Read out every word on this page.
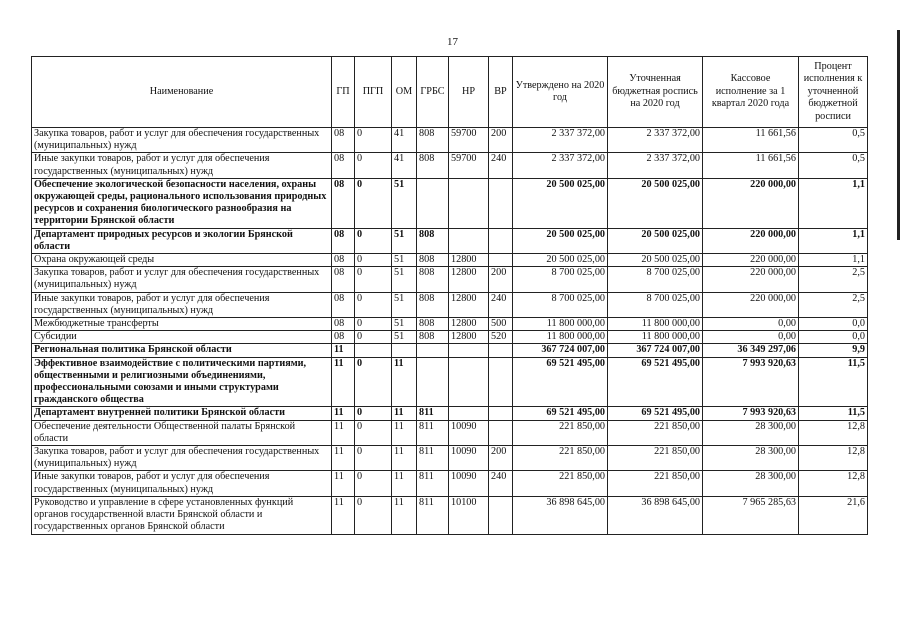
17
Наименование	ГП	ПГП	ОМ	ГРБС	НР	ВР	Утверждено на 2020 год	Уточненная бюджетная роспись на 2020 год	Кассовое исполнение за 1 квартал 2020 года	Процент исполнения к уточненной бюджетной росписи
Закупка товаров, работ и услуг для обеспечения государственных (муниципальных) нужд	08	0	41	808	59700	200	2 337 372,00	2 337 372,00	11 661,56	0,5
Иные закупки товаров, работ и услуг для обеспечения государственных (муниципальных) нужд	08	0	41	808	59700	240	2 337 372,00	2 337 372,00	11 661,56	0,5
Обеспечение экологической безопасности населения, охраны окружающей среды, рационального использования природных ресурсов и сохранения биологического разнообразия на территории Брянской области	08	0	51				20 500 025,00	20 500 025,00	220 000,00	1,1
Департамент природных ресурсов и экологии Брянской области	08	0	51	808			20 500 025,00	20 500 025,00	220 000,00	1,1
Охрана окружающей среды	08	0	51	808	12800		20 500 025,00	20 500 025,00	220 000,00	1,1
Закупка товаров, работ и услуг для обеспечения государственных (муниципальных) нужд	08	0	51	808	12800	200	8 700 025,00	8 700 025,00	220 000,00	2,5
Иные закупки товаров, работ и услуг для обеспечения государственных (муниципальных) нужд	08	0	51	808	12800	240	8 700 025,00	8 700 025,00	220 000,00	2,5
Межбюджетные трансферты	08	0	51	808	12800	500	11 800 000,00	11 800 000,00	0,00	0,0
Субсидии	08	0	51	808	12800	520	11 800 000,00	11 800 000,00	0,00	0,0
Региональная политика Брянской области	11						367 724 007,00	367 724 007,00	36 349 297,06	9,9
Эффективное взаимодействие с политическими партиями, общественными и религиозными объединениями, профессиональными союзами и иными структурами гражданского общества	11	0	11				69 521 495,00	69 521 495,00	7 993 920,63	11,5
Департамент внутренней политики Брянской области	11	0	11	811			69 521 495,00	69 521 495,00	7 993 920,63	11,5
Обеспечение деятельности Общественной палаты Брянской области	11	0	11	811	10090		221 850,00	221 850,00	28 300,00	12,8
Закупка товаров, работ и услуг для обеспечения государственных (муниципальных) нужд	11	0	11	811	10090	200	221 850,00	221 850,00	28 300,00	12,8
Иные закупки товаров, работ и услуг для обеспечения государственных (муниципальных) нужд	11	0	11	811	10090	240	221 850,00	221 850,00	28 300,00	12,8
Руководство и управление в сфере установленных функций органов государственной власти Брянской области и государственных органов Брянской области	11	0	11	811	10100		36 898 645,00	36 898 645,00	7 965 285,63	21,6
